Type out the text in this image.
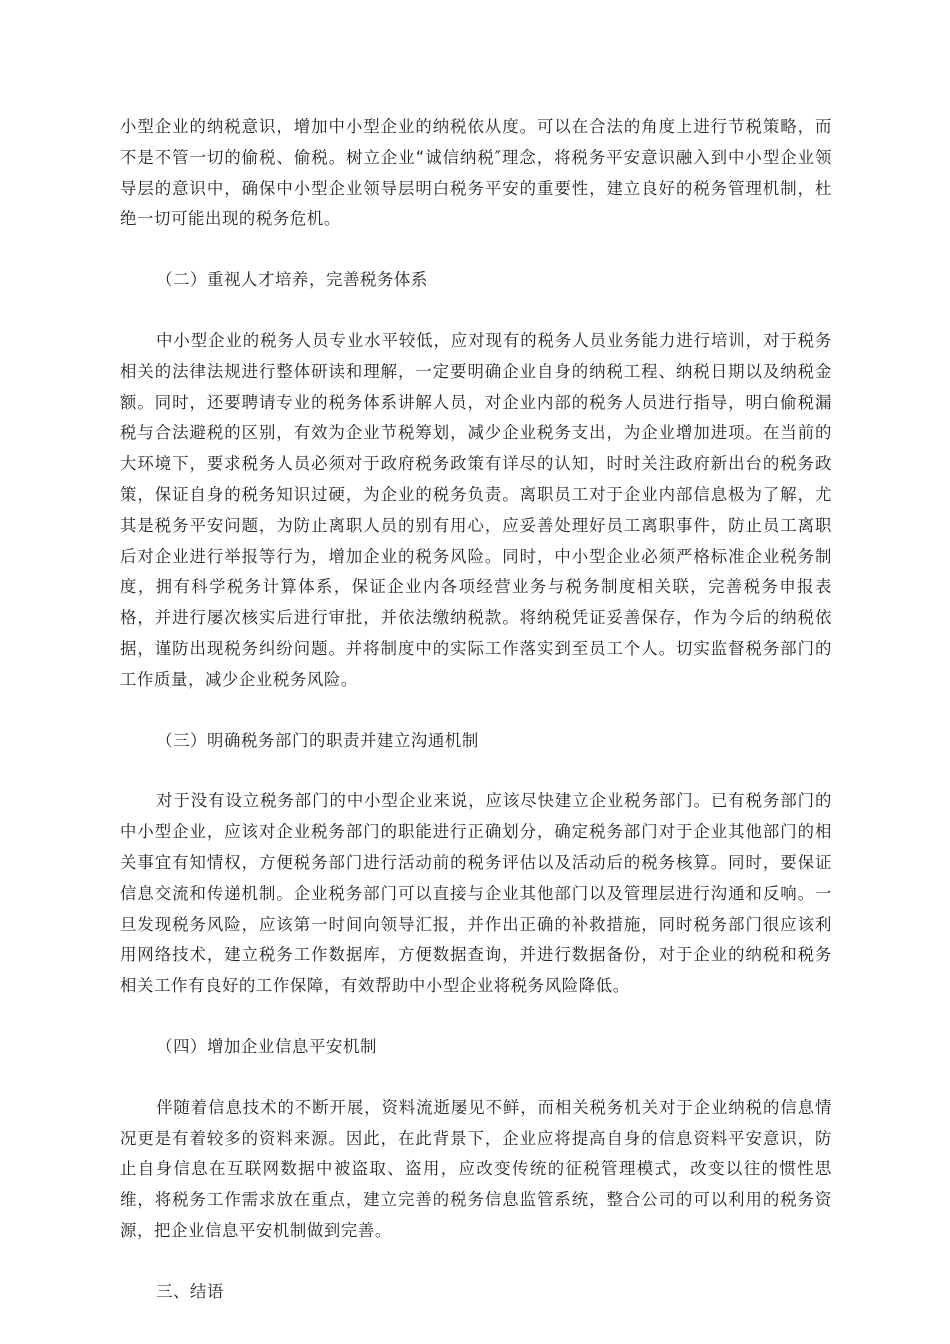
小型企业的纳税意识，增加中小型企业的纳税依从度。可以在合法的角度上进行节税策略，而不是不管一切的偷税、偷税。树立企业“诚信纳税″理念，将税务平安意识融入到中小型企业领导层的意识中，确保中小型企业领导层明白税务平安的重要性，建立良好的税务管理机制，杜绝一切可能出现的税务危机。

（二）重视人才培养，完善税务体系

中小型企业的税务人员专业水平较低，应对现有的税务人员业务能力进行培训，对于税务相关的法律法规进行整体研读和理解，一定要明确企业自身的纳税工程、纳税日期以及纳税金额。同时，还要聘请专业的税务体系讲解人员，对企业内部的税务人员进行指导，明白偷税漏税与合法避税的区别，有效为企业节税筹划，减少企业税务支出，为企业增加进项。在当前的大环境下，要求税务人员必须对于政府税务政策有详尽的认知，时时关注政府新出台的税务政策，保证自身的税务知识过硬，为企业的税务负责。离职员工对于企业内部信息极为了解，尤其是税务平安问题，为防止离职人员的别有用心，应妥善处理好员工离职事件，防止员工离职后对企业进行举报等行为，增加企业的税务风险。同时，中小型企业必须严格标准企业税务制度，拥有科学税务计算体系，保证企业内各项经营业务与税务制度相关联，完善税务申报表格，并进行屡次核实后进行审批，并依法缴纳税款。将纳税凭证妥善保存，作为今后的纳税依据，谨防出现税务纠纷问题。并将制度中的实际工作落实到至员工个人。切实监督税务部门的工作质量，减少企业税务风险。

（三）明确税务部门的职责并建立沟通机制

对于没有设立税务部门的中小型企业来说，应该尽快建立企业税务部门。已有税务部门的中小型企业，应该对企业税务部门的职能进行正确划分，确定税务部门对于企业其他部门的相关事宜有知情权，方便税务部门进行活动前的税务评估以及活动后的税务核算。同时，要保证信息交流和传递机制。企业税务部门可以直接与企业其他部门以及管理层进行沟通和反响。一旦发现税务风险，应该第一时间向领导汇报，并作出正确的补救措施，同时税务部门很应该利用网络技术，建立税务工作数据库，方便数据查询，并进行数据备份，对于企业的纳税和税务相关工作有良好的工作保障，有效帮助中小型企业将税务风险降低。

（四）增加企业信息平安机制

伴随着信息技术的不断开展，资料流逝屡见不鲜，而相关税务机关对于企业纳税的信息情况更是有着较多的资料来源。因此，在此背景下，企业应将提高自身的信息资料平安意识，防止自身信息在互联网数据中被盗取、盗用，应改变传统的征税管理模式，改变以往的惯性思维，将税务工作需求放在重点，建立完善的税务信息监管系统，整合公司的可以利用的税务资源，把企业信息平安机制做到完善。

三、结语
